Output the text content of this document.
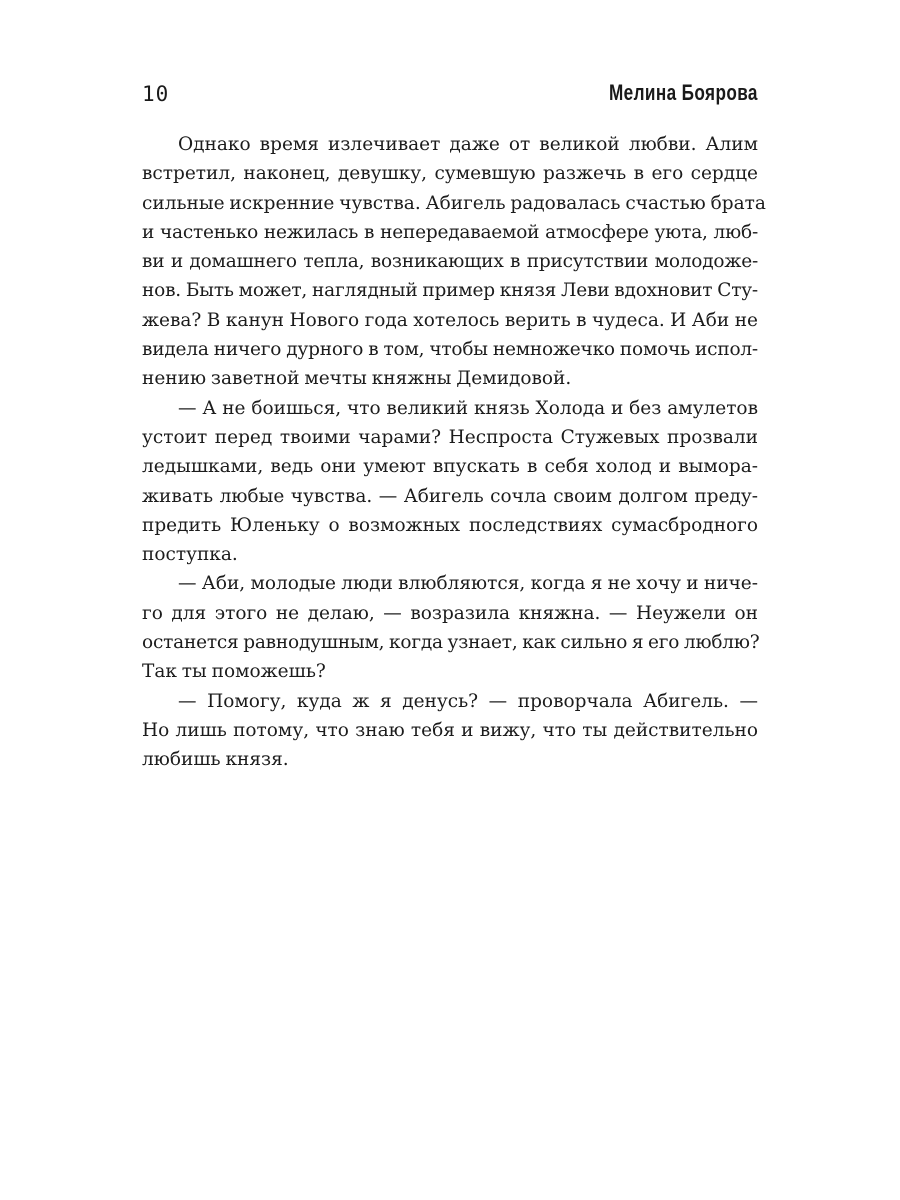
10	Мелина Боярова
Однако время излечивает даже от великой любви. Алим
встретил, наконец, девушку, сумевшую разжечь в его сердце
сильные искренние чувства. Абигель радовалась счастью брата
и частенько нежилась в непередаваемой атмосфере уюта, люб-
ви и домашнего тепла, возникающих в присутствии молодоже-
нов. Быть может, наглядный пример князя Леви вдохновит Сту-
жева? В канун Нового года хотелось верить в чудеса. И Аби не
видела ничего дурного в том, чтобы немножечко помочь испол-
нению заветной мечты княжны Демидовой.
— А не боишься, что великий князь Холода и без амулетов
устоит перед твоими чарами? Неспроста Стужевых прозвали
ледышками, ведь они умеют впускать в себя холод и вымора-
живать любые чувства. — Абигель сочла своим долгом преду-
предить Юленьку о возможных последствиях сумасбродного
поступка.
— Аби, молодые люди влюбляются, когда я не хочу и ниче-
го для этого не делаю, — возразила княжна. — Неужели он
останется равнодушным, когда узнает, как сильно я его люблю?
Так ты поможешь?
— Помогу, куда ж я денусь? — проворчала Абигель. —
Но лишь потому, что знаю тебя и вижу, что ты действительно
любишь князя.
